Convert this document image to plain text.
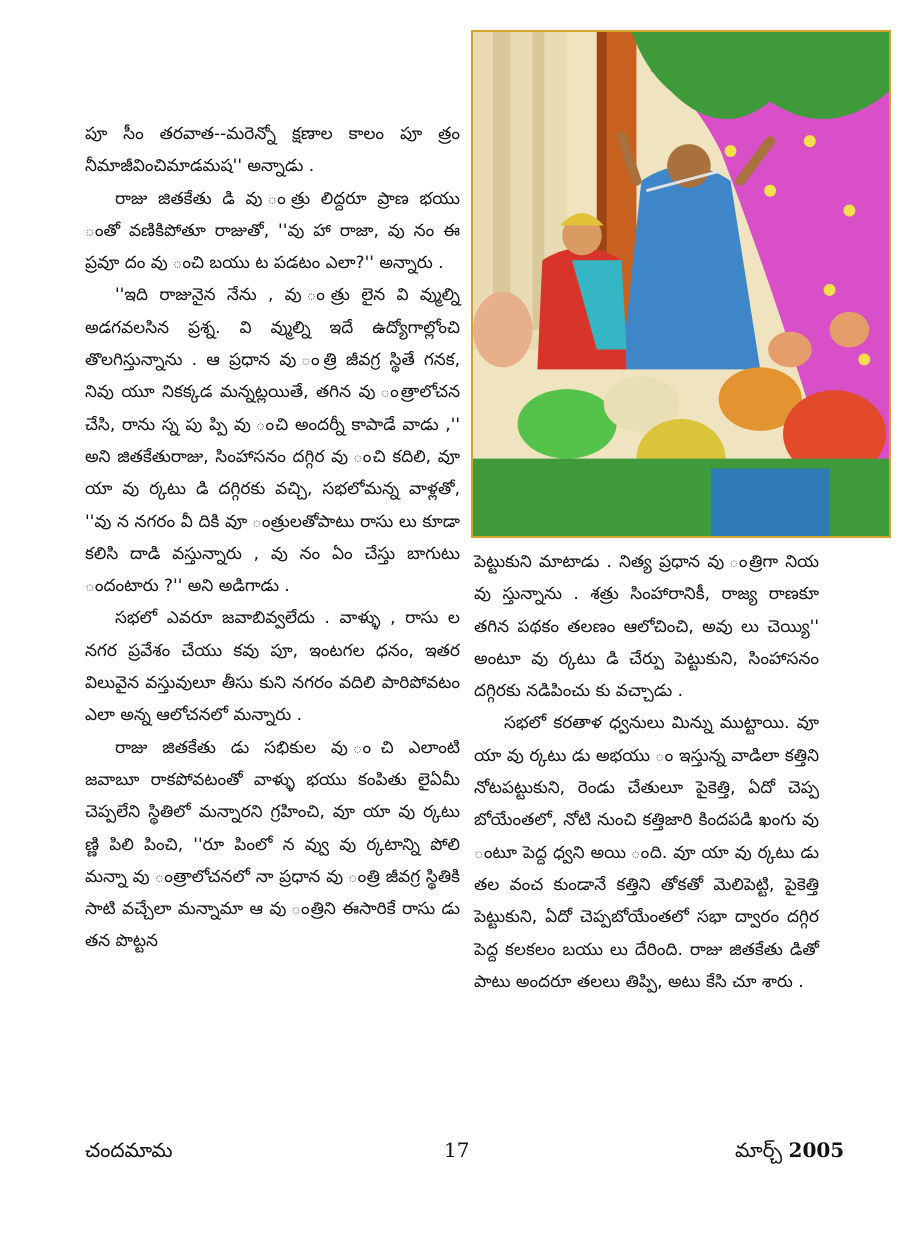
పూ సీం తరవాత--మరెన్నో క్షణాల కాలం పూ త్రం నీమాజీవించిమాడమష'' అన్నాడు .

రాజు జితకేతు డి వు ంత్రు లిద్దరూ ప్రాణ భయు ంతో వణికిపోతూ రాజుతో, ''వు హా రాజా, వు నం ఈ ప్రవూ దం వు ంచి బయు ట పడటం ఎలా?'' అన్నారు .

''ఇది రాజునైన నేను , వు ంత్రు లైన వి వ్ముల్ని అడగవలసిన ప్రశ్న. వి వ్ముల్ని ఇదే ఉద్యోగాల్లోంచి తొలగిస్తున్నాను . ఆ ప్రధాన వు ంత్రి జీవగ్ర స్థితే గనక, నివు యూ నికక్కడ మన్నట్లయితే, తగిన వు ంత్రాలోచన చేసి, రాను స్న పు ప్పి వు ంచి అందర్నీ కాపాడే వాడు ,'' అని జితకేతురాజు, సింహాసనం దగ్గిర వు ంచి కదిలి, వూ యా వు ర్కటు డి దగ్గిరకు వచ్చి, సభలోమన్న వాళ్లతో, ''వు న నగరం వీ దికి వూ ంత్రులతోపాటు రాసు లు కూడా కలిసి దాడి వస్తున్నారు , వు నం ఏం చేస్తు బాగుటు ందంటారు ?'' అని అడిగాడు .

సభలో ఎవరూ జవాబివ్వలేదు . వాళ్ళు , రాసు ల నగర ప్రవేశం చేయు కవు పూ, ఇంటగల ధనం, ఇతర విలువైన వస్తువులూ తీసు కుని నగరం వదిలి పారిపోవటం ఎలా అన్న ఆలోచనలో మన్నారు .

రాజు జితకేతు డు సభికుల వు ంచి ఎలాంటి జవాబూ రాకపోవటంతో వాళ్ళు భయు కంపితు లైఏమీ చెప్పలేని స్థితిలో మన్నారని గ్రహించి, వూ యా వు ర్కటు ణ్ణి పిలి పించి, ''రూ పింలో న వ్వు వు ర్కటాన్ని పోలి మన్నా వు ంత్రాలోచనలో నా ప్రధాన వు ంత్రి జీవగ్ర స్థితికి సాటి వచ్చేలా మన్నామా ఆ వు ంత్రిని ఈసారికే రాసు డు తన పొట్టన

పెట్టుకుని మాటాడు . నిత్య ప్రధాన వు ంత్రిగా నియ వు స్తున్నాను . శత్రు సింహారానికీ, రాజ్య రాణకూ తగిన పథకం తలణం ఆలోచించి, అవు లు చెయ్యి'' అంటూ వు ర్కటు డి చేర్పు పెట్టుకుని, సింహాసనం దగ్గిరకు నడిపించు కు వచ్చాడు .

సభలో కరతాళ ధ్వనులు మిన్ను ముట్టాయి. వూ యా వు ర్కటు డు అభయు ం ఇస్తున్న వాడిలా కత్తిని నోటపట్టుకుని, రెండు చేతులూ పైకెత్తి, ఏదో చెప్ప బోయేంతలో, నోటి నుంచి కత్తిజారి కిందపడి ఖంగు వు ంటూ పెద్ద ధ్వని అయి ంది. వూ యా వు ర్కటు డు తల వంచ కుండానే కత్తిని తోకతో మెలిపెట్టి, పైకెత్తి పెట్టుకుని, ఏదో చెప్పబోయేంతలో సభా ద్వారం దగ్గిర పెద్ద కలకలం బయు లు దేరింది. రాజు జితకేతు డితో పాటు అందరూ తలలు తిప్పి, అటు కేసి చూ శారు .

చందమామ	17	మార్చ్ 2005
